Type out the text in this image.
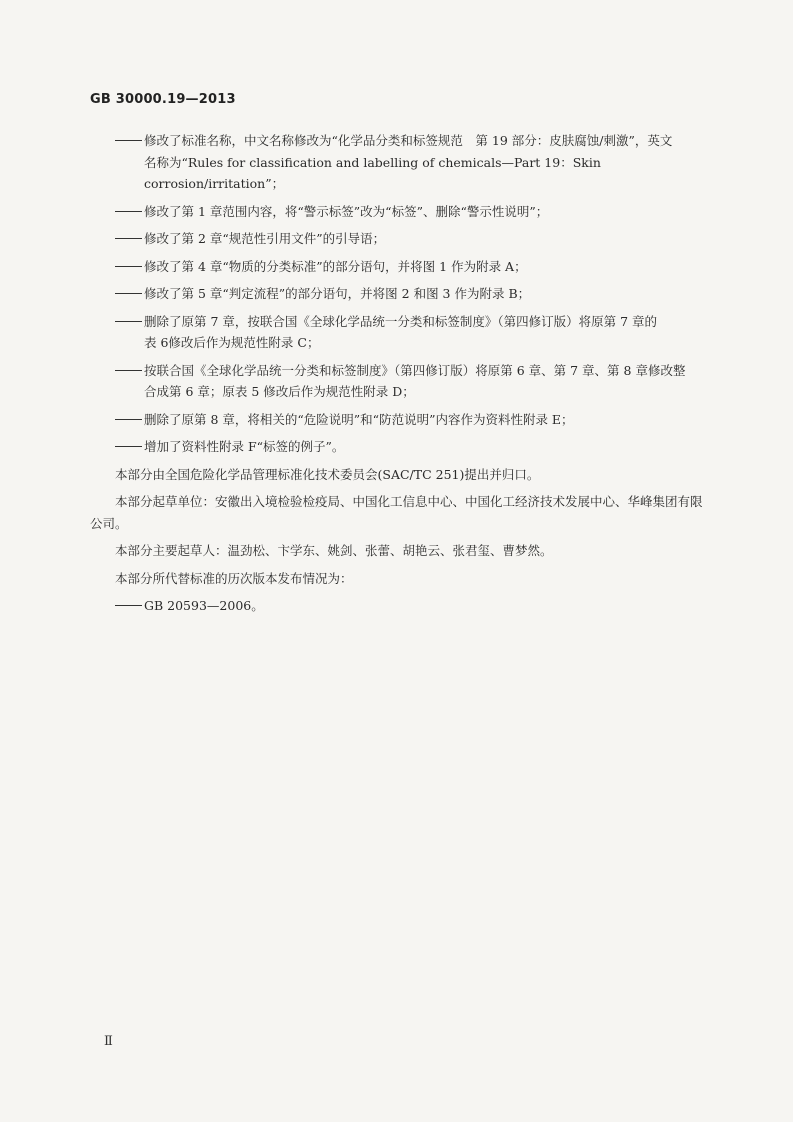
GB 30000.19—2013
修改了标准名称，中文名称修改为“化学品分类和标签规范　第 19 部分：皮肤腐蚀/刺激”，英文
名称为“Rules for classification and labelling of chemicals—Part 19：Skin corrosion/irritation”；
修改了第 1 章范围内容，将“警示标签”改为“标签”、删除“警示性说明”；
修改了第 2 章“规范性引用文件”的引导语；
修改了第 4 章“物质的分类标准”的部分语句，并将图 1 作为附录 A；
修改了第 5 章“判定流程”的部分语句，并将图 2 和图 3 作为附录 B；
删除了原第 7 章，按联合国《全球化学品统一分类和标签制度》（第四修订版）将原第 7 章的
表 6修改后作为规范性附录 C；
按联合国《全球化学品统一分类和标签制度》（第四修订版）将原第 6 章、第 7 章、第 8 章修改整
合成第 6 章；原表 5 修改后作为规范性附录 D；
删除了原第 8 章，将相关的“危险说明”和“防范说明”内容作为资料性附录 E；
增加了资料性附录 F“标签的例子”。

本部分由全国危险化学品管理标准化技术委员会(SAC/TC 251)提出并归口。

本部分起草单位：安徽出入境检验检疫局、中国化工信息中心、中国化工经济技术发展中心、华峰集团有限公司。

本部分主要起草人：温劲松、卞学东、姚剑、张蕾、胡艳云、张君玺、曹梦然。

本部分所代替标准的历次版本发布情况为：

GB 20593—2006。
Ⅱ
